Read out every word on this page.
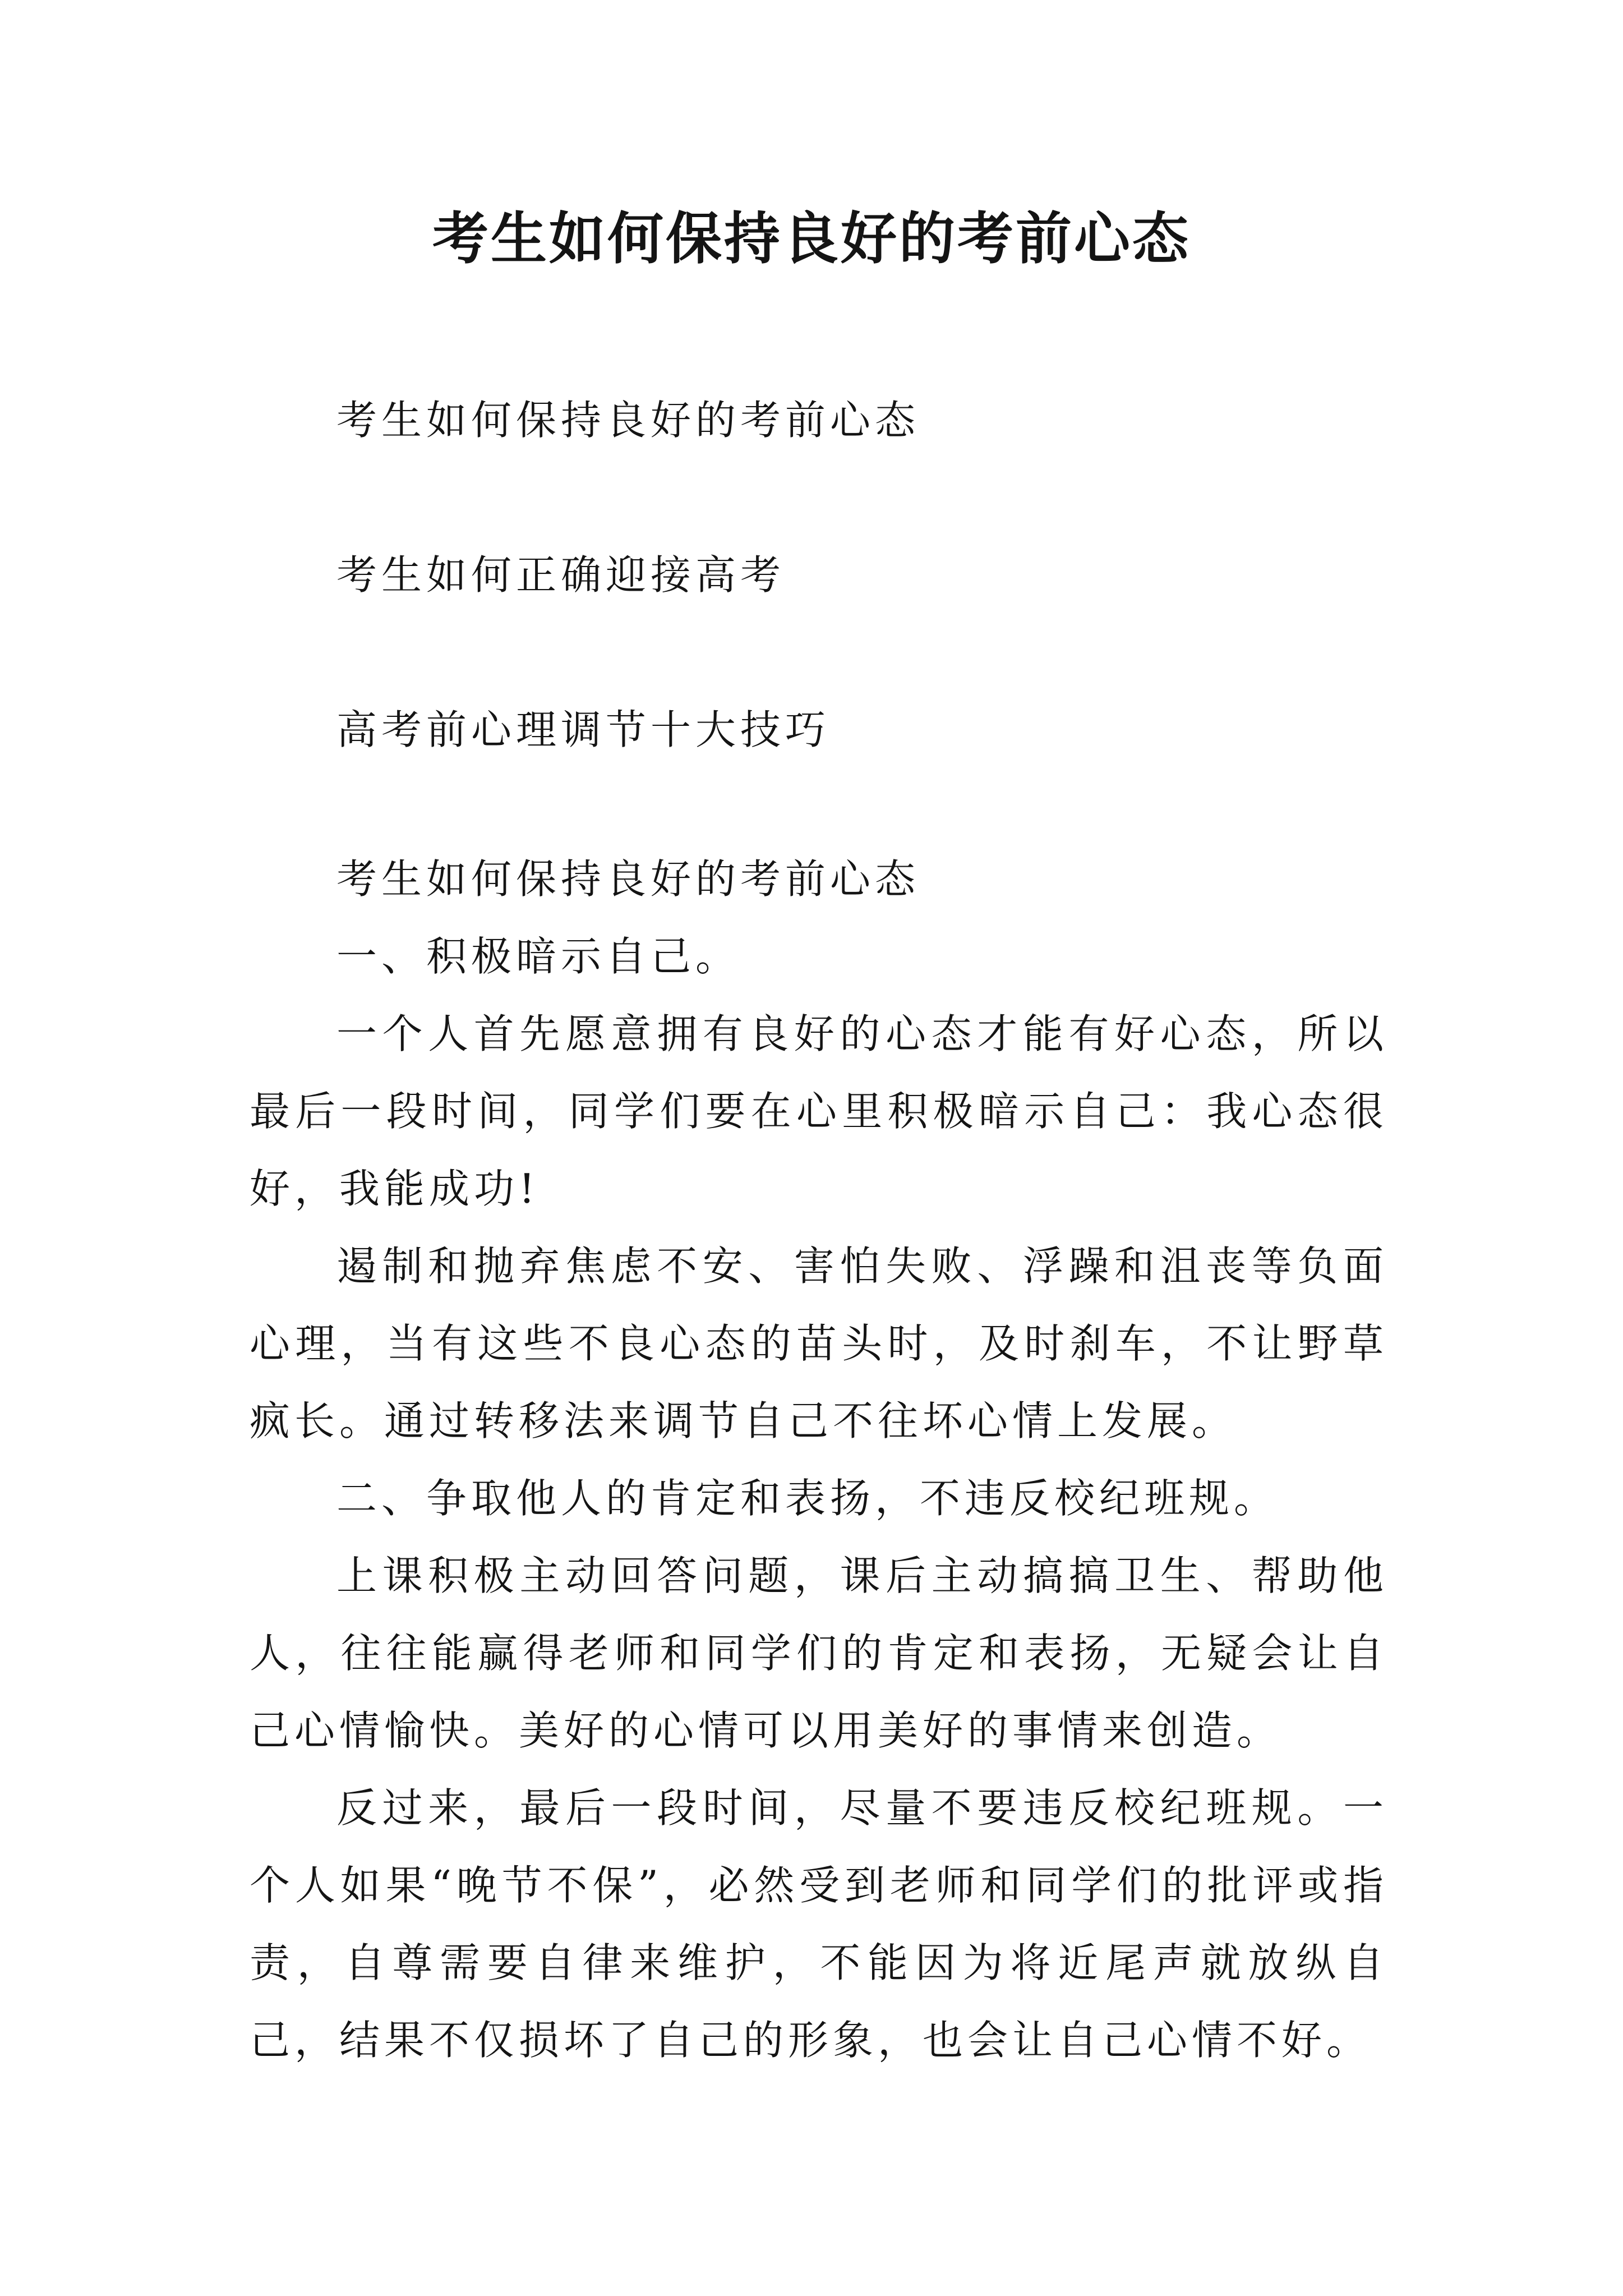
考生如何保持良好的考前心态

考生如何保持良好的考前心态

考生如何正确迎接高考

高考前心理调节十大技巧

考生如何保持良好的考前心态

一、积极暗示自己。

一个人首先愿意拥有良好的心态才能有好心态，所以最后一段时间，同学们要在心里积极暗示自己：我心态很好，我能成功!

遏制和抛弃焦虑不安、害怕失败、浮躁和沮丧等负面心理，当有这些不良心态的苗头时，及时刹车，不让野草疯长。通过转移法来调节自己不往坏心情上发展。

二、争取他人的肯定和表扬，不违反校纪班规。

上课积极主动回答问题，课后主动搞搞卫生、帮助他人，往往能赢得老师和同学们的肯定和表扬，无疑会让自己心情愉快。美好的心情可以用美好的事情来创造。

反过来，最后一段时间，尽量不要违反校纪班规。一个人如果“晚节不保”，必然受到老师和同学们的批评或指责，自尊需要自律来维护，不能因为将近尾声就放纵自己，结果不仅损坏了自己的形象，也会让自己心情不好。
